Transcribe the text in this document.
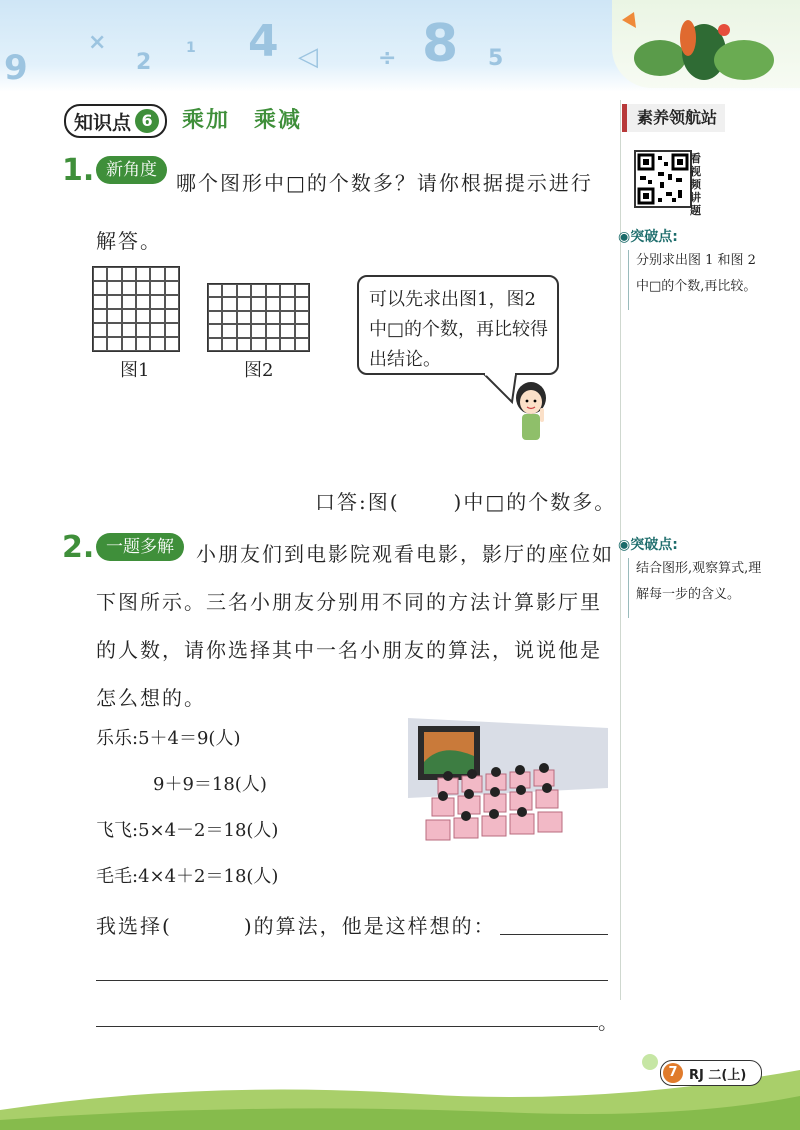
9
×
2
1 4 ◁	÷ 8 5
知识点 6 乘加　乘减	素养领航站
看视频讲题
◉突破点:
分别求出图 1 和图 2 中□的个数,再比较。
◉突破点:
结合图形,观察算式,理解每一步的含义。
1. 新角度
哪个图形中□的个数多？请你根据提示进行解答。
图1	图2
可以先求出图1，图2中□的个数，再比较得出结论。
口答:图(	)中□的个数多。
2. 一题多解	小朋友们到电影院观看电影，影厅的座位如下图所示。三名小朋友分别用不同的方法计算影厅里的人数，请你选择其中一名小朋友的算法，说说他是怎么想的。
乐乐:5＋4＝9(人)
9＋9＝18(人)
飞飞:5×4－2＝18(人)
毛毛:4×4＋2＝18(人)
我选择(	)的算法，他是这样想的：
。
7 RJ 二(上)
